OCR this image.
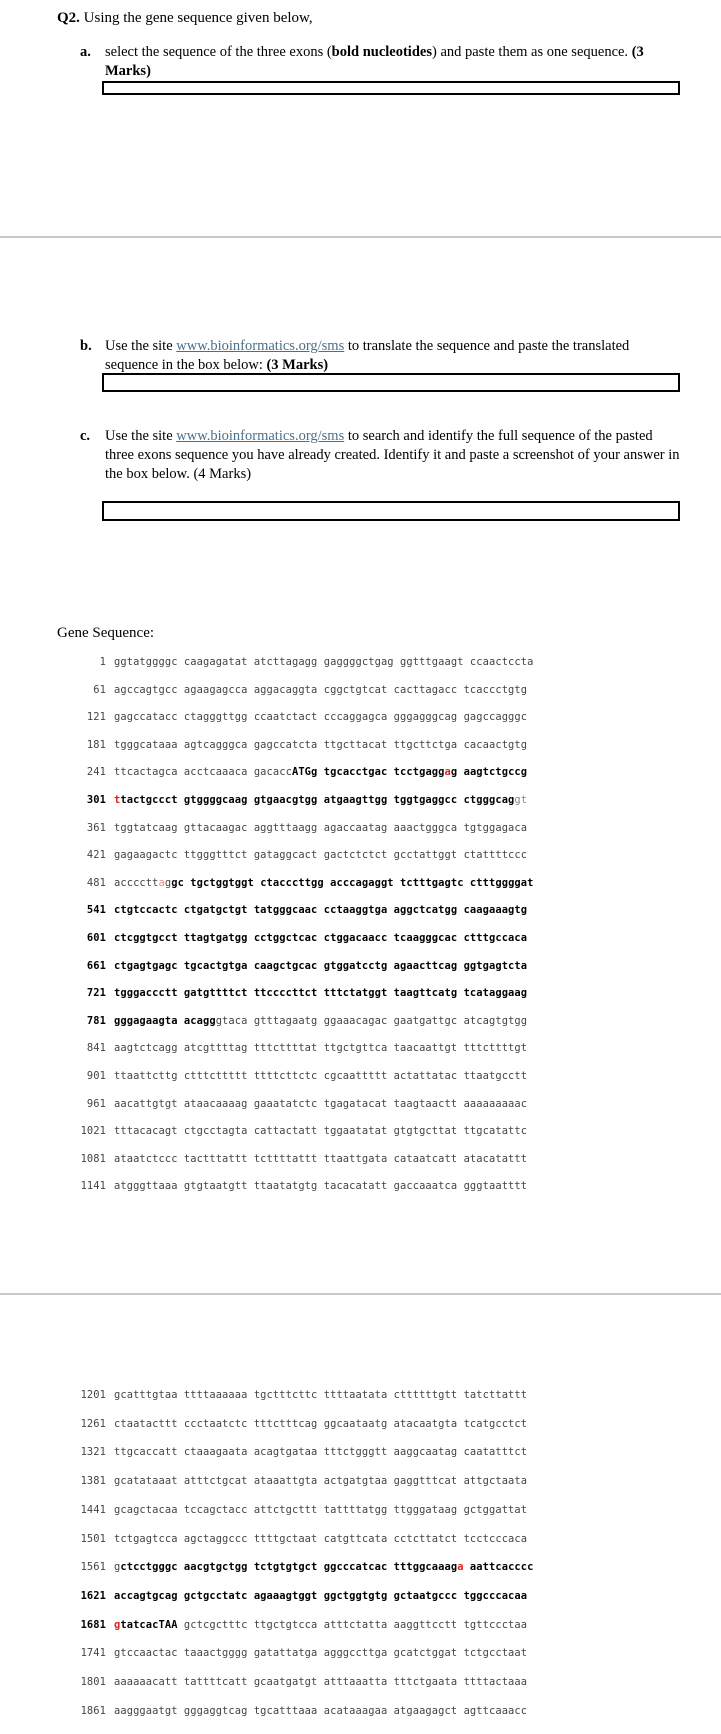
Q2. Using the gene sequence given below,
a. select the sequence of the three exons (bold nucleotides) and paste them as one sequence. (3 Marks)
b. Use the site www.bioinformatics.org/sms to translate the sequence and paste the translated sequence in the box below: (3 Marks)
c. Use the site www.bioinformatics.org/sms to search and identify the full sequence of the pasted three exons sequence you have already created. Identify it and paste a screenshot of your answer in the box below. (4 Marks)
Gene Sequence:
1 ggtatggggc caagagatat atcttagagg gaggggctgag ggtttgaagt ccaactccta
61 agccagtgcc agaagagcca aggacaggta cggctgtcat cacttagacc tcaccctgtg
121 gagccatacc ctagggttgg ccaatctact cccaggagca gggagggcag gagccagggc
181 tgggcataaa agtcagggca gagccatcta ttgcttacat ttgcttctga cacaactgtg
241 ttcactagca acctcaaaca gacaccATGg tgcacctgac tcctgaggag aagtctgccg
301 ttactgccct gtggggcaag gtgaacgtgg atgaagttgg tggtgaggcc ctgggcaggt
361 tggtatcaag gttacaagac aggtttaagg agaccaatag aaactgggca tgtggagaca
421 gagaagactc ttgggtttct gataggcact gactctctct gcctattggt ctattttccc
481 accccttaggc tgctggtggt ctacccttgg acccagaggt tctttgagtc ctttggggat
541 ctgtccactc ctgatgctgt tatgggcaac cctaaggtga aggctcatgg caagaaagtg
601 ctcggtgcct ttagtgatgg cctggctcac ctggacaacc tcaagggcac ctttgccaca
661 ctgagtgagc tgcactgtga caagctgcac gtggatcctg agaacttcag ggtgagtcta
721 tgggaccctt gatgttttct ttccccttct tttctatggt taagttcatg tcataggaag
781 gggagaagta acagggtaca gtttagaatg ggaaacagac gaatgattgc atcagtgtgg
841 aagtctcagg atcgttttag tttcttttat ttgctgttca taacaattgt tttcttttgt
901 ttaattcttg ctttcttttt ttttcttctc cgcaattttt actattatac ttaatgcctt
961 aacattgtgt ataacaaaag gaaatatctc tgagatacat taagtaactt aaaaaaaaac
1021 tttacacagt ctgcctagta cattactatt tggaatatat gtgtgcttat ttgcatattc
1081 ataatctccc tactttattt tcttttattt ttaattgata cataatcatt atacatattt
1141 atgggttaaa gtgtaatgtt ttaatatgtg tacacatatt gaccaaatca gggtaatttt
1201 gcatttgtaa ttttaaaaaa tgctttcttc ttttaatata cttttttgtt tatcttattt
1261 ctaatacttt ccctaatctc tttctttcag ggcaataatg atacaatgta tcatgcctct
1321 ttgcaccatt ctaaagaata acagtgataa tttctgggtt aaggcaatag caatatttct
1381 gcatataaat atttctgcat ataaattgta actgatgtaa gaggtttcat attgctaata
1441 gcagctacaa tccagctacc attctgcttt tattttatgg ttgggataag gctggattat
1501 tctgagtcca agctaggccc ttttgctaat catgttcata cctcttatct tcctcccaca
1561 gctcctgggc aacgtgctgg tctgtgtgct ggcccatcac tttggcaaaga aattcacccc
1621 accagtgcag gctgcctatc agaaagtggt ggctggtgtg gctaatgccc tggcccacaa
1681 gtatcacTAA gctcgctttc ttgctgtcca atttctatta aaggttcctt tgttccctaa
1741 gtccaactac taaactgggg gatattatga agggccttga gcatctggat tctgcctaat
1801 aaaaaacatt tattttcatt gcaatgatgt atttaaatta tttctgaata ttttactaaa
1861 aagggaatgt gggaggtcag tgcatttaaa acataaagaa atgaagagct agttcaaacc
